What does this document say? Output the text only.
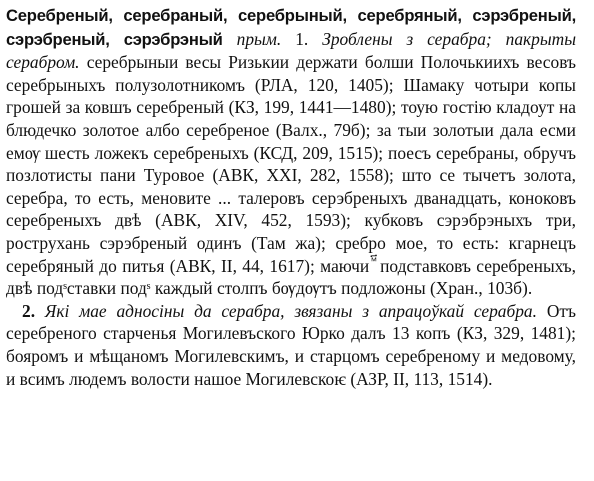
Серебреный, серебраный, серебрыный, серебряный, сэрэбреный, сэрэбреный, сэрэбрэный прым. 1. Зроблены з серабра; пакрыты серабром. серебрыныи весы Ризькии держати болши Полочькиихъ весовъ серебрыныхъ полузолотникомъ (РЛА, 120, 1405); Шамаку чотыри копы грошей за ковшъ серебреный (КЗ, 199, 1441—1480); тоую гостію кладоут на блюдечко золотое албо серебреное (Валх., 79б); за тыи золотыи дала есми емѹ шесть ложекъ серебреныхъ (КСД, 209, 1515); поесъ серебраны, обручъ позлотисты пани Туровое (АВК, XXI, 282, 1558); што се тычетъ золота, серебра, то есть, меновите ... талеровъ серэбреныхъ дванадцать, коноковъ серебреныхъ двѣ (АВК, XIV, 452, 1593); кубковъ сэрэбрэныхъ три, рострухань сэрэбреный одинъ (Там жа); сребро мое, то есть: кгарнецъ серебряный до питья (АВК, II, 44, 1617); маючи ⷨ҃ подставковъ серебреныхъ, двѣ подˢставки подˢ каждый столпъ бѹдѹтъ подложоны (Хран., 103б).

2. Які мае адносіны да серабра, звязаны з апрацоўкай серабра. Отъ серебреного старченья Могилевъского Юрко далъ 13 копъ (КЗ, 329, 1481); бояромъ и мѣщаномъ Могилевскимъ, и старцомъ серебреному и медовому, и всимъ людемъ волости нашое Могилевскоѥ (АЗР, II, 113, 1514).
